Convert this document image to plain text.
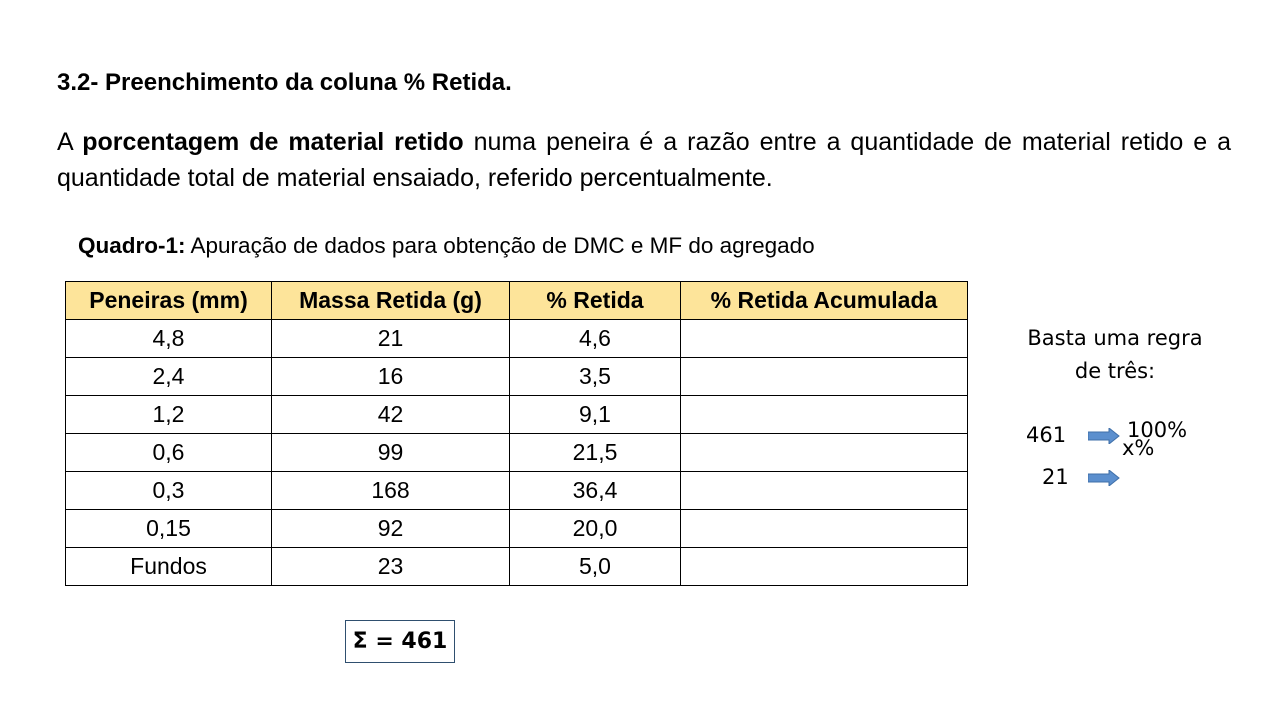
3.2- Preenchimento da coluna % Retida.

A porcentagem de material retido numa peneira é a razão entre a quantidade de material retido e a quantidade total de material ensaiado, referido percentualmente.

Quadro-1: Apuração de dados para obtenção de DMC e MF do agregado

Peneiras (mm)	Massa Retida (g)	% Retida	% Retida Acumulada
4,8	21	4,6	
2,4	16	3,5	
1,2	42	9,1	
0,6	99	21,5	
0,3	168	36,4	
0,15	92	20,0	
Fundos	23	5,0	
Σ = 461

Basta uma regra
de três:

461	100%
x%
21
